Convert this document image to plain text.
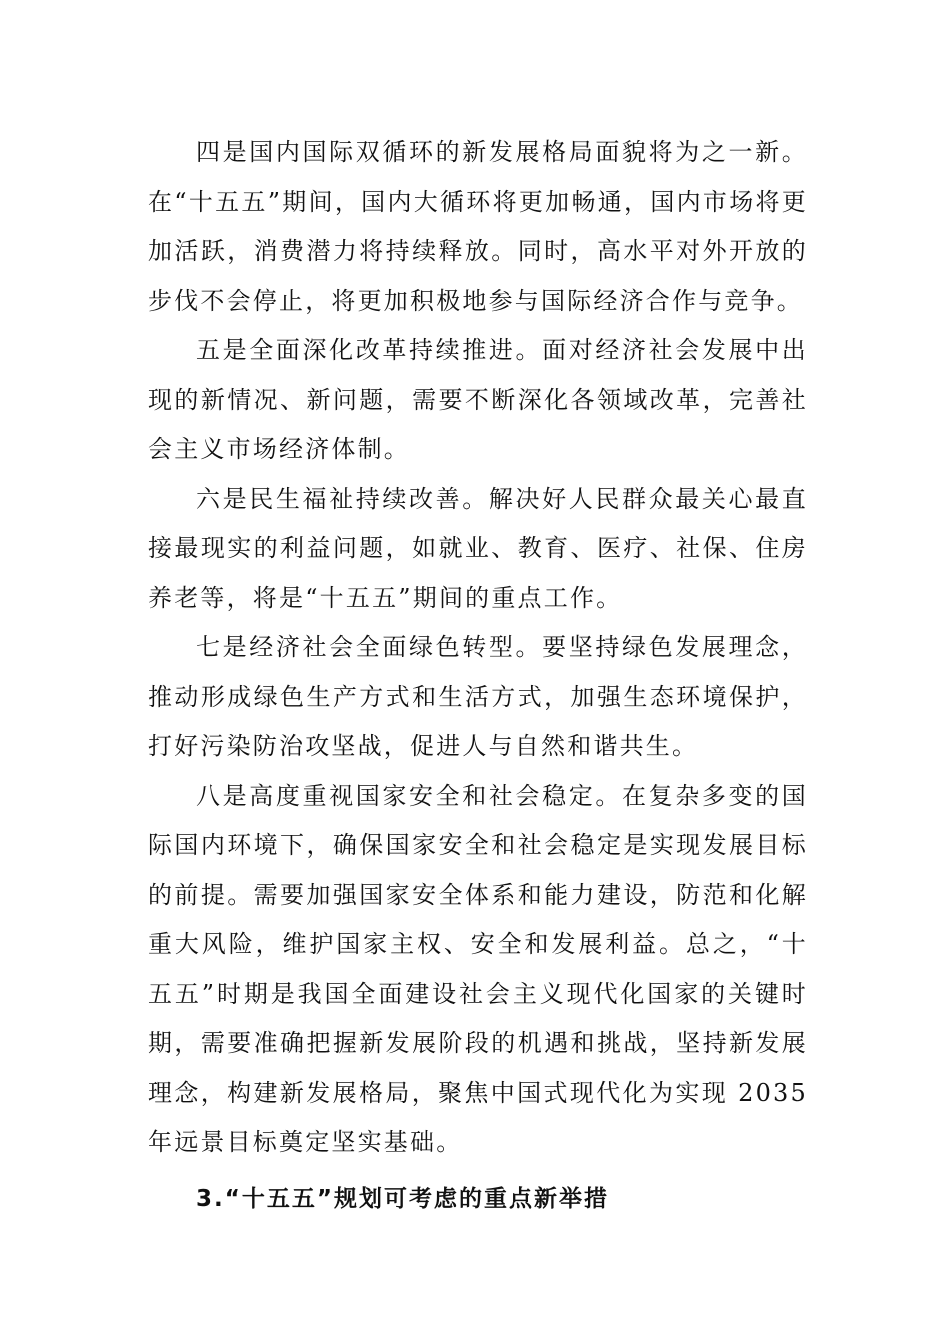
四是国内国际双循环的新发展格局面貌将为之一新。在“十五五”期间，国内大循环将更加畅通，国内市场将更加活跃，消费潜力将持续释放。同时，高水平对外开放的步伐不会停止，将更加积极地参与国际经济合作与竞争。

五是全面深化改革持续推进。面对经济社会发展中出现的新情况、新问题，需要不断深化各领域改革，完善社会主义市场经济体制。

六是民生福祉持续改善。解决好人民群众最关心最直接最现实的利益问题，如就业、教育、医疗、社保、住房养老等，将是“十五五”期间的重点工作。

七是经济社会全面绿色转型。要坚持绿色发展理念，推动形成绿色生产方式和生活方式，加强生态环境保护，打好污染防治攻坚战，促进人与自然和谐共生。

八是高度重视国家安全和社会稳定。在复杂多变的国际国内环境下，确保国家安全和社会稳定是实现发展目标的前提。需要加强国家安全体系和能力建设，防范和化解重大风险，维护国家主权、安全和发展利益。总之，“十五五”时期是我国全面建设社会主义现代化国家的关键时期，需要准确把握新发展阶段的机遇和挑战，坚持新发展理念，构建新发展格局，聚焦中国式现代化为实现 2035 年远景目标奠定坚实基础。

3.“十五五”规划可考虑的重点新举措
